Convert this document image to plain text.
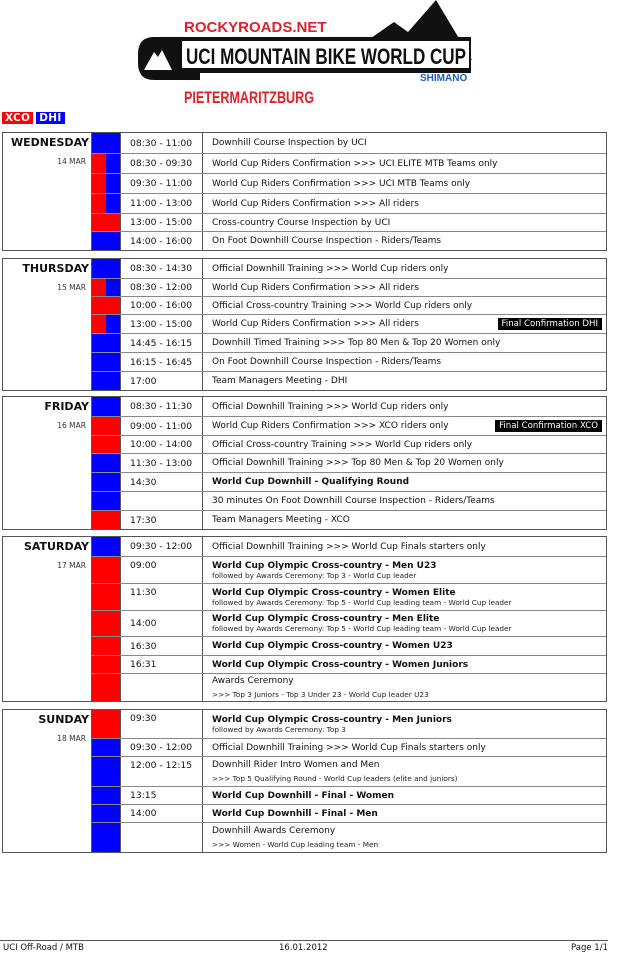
ROCKYROADS.NET
UCI MOUNTAIN BIKE WORLD CUP
PRESENTED BY
SHIMANO
PIETERMARITZBURG
XCO DHI
WEDNESDAY
14 MAR
08:30 - 11:00	Downhill Course Inspection by UCI
08:30 - 09:30	World Cup Riders Confirmation >>> UCI ELITE MTB Teams only
09:30 - 11:00	World Cup Riders Confirmation >>> UCI MTB Teams only
11:00 - 13:00	World Cup Riders Confirmation >>> All riders
13:00 - 15:00	Cross-country Course Inspection by UCI
14:00 - 16:00	On Foot Downhill Course Inspection - Riders/Teams
THURSDAY
15 MAR
08:30 - 14:30	Official Downhill Training >>> World Cup riders only
08:30 - 12:00	World Cup Riders Confirmation >>> All riders
10:00 - 16:00	Official Cross-country Training >>> World Cup riders only
13:00 - 15:00	World Cup Riders Confirmation >>> All riders	Final Confirmation DHI
14:45 - 16:15	Downhill Timed Training >>> Top 80 Men & Top 20 Women only
16:15 - 16:45	On Foot Downhill Course Inspection - Riders/Teams
17:00	Team Managers Meeting - DHI
FRIDAY
16 MAR
08:30 - 11:30	Official Downhill Training >>> World Cup riders only
09:00 - 11:00	World Cup Riders Confirmation >>> XCO riders only	Final Confirmation XCO
10:00 - 14:00	Official Cross-country Training >>> World Cup riders only
11:30 - 13:00	Official Downhill Training >>> Top 80 Men & Top 20 Women only
14:30	World Cup Downhill - Qualifying Round
30 minutes On Foot Downhill Course Inspection - Riders/Teams
17:30	Team Managers Meeting - XCO
SATURDAY
17 MAR
09:30 - 12:00	Official Downhill Training >>> World Cup Finals starters only
09:00	World Cup Olympic Cross-country - Men U23
followed by Awards Ceremony: Top 3 - World Cup leader
11:30	World Cup Olympic Cross-country - Women Elite
followed by Awards Ceremony: Top 5 - World Cup leading team - World Cup leader
14:00	World Cup Olympic Cross-country - Men Elite
followed by Awards Ceremony: Top 5 - World Cup leading team - World Cup leader
16:30	World Cup Olympic Cross-country - Women U23
16:31	World Cup Olympic Cross-country - Women Juniors
Awards Ceremony
>>> Top 3 Juniors - Top 3 Under 23 - World Cup leader U23
SUNDAY
18 MAR
09:30	World Cup Olympic Cross-country - Men Juniors
followed by Awards Ceremony: Top 3
09:30 - 12:00	Official Downhill Training >>> World Cup Finals starters only
12:00 - 12:15	Downhill Rider Intro Women and Men
>>> Top 5 Qualifying Round - World Cup leaders (elite and juniors)
13:15	World Cup Downhill - Final - Women
14:00	World Cup Downhill - Final - Men
Downhill Awards Ceremony
>>> Women - World Cup leading team - Men
UCI Off-Road / MTB	16.01.2012	Page 1/1
